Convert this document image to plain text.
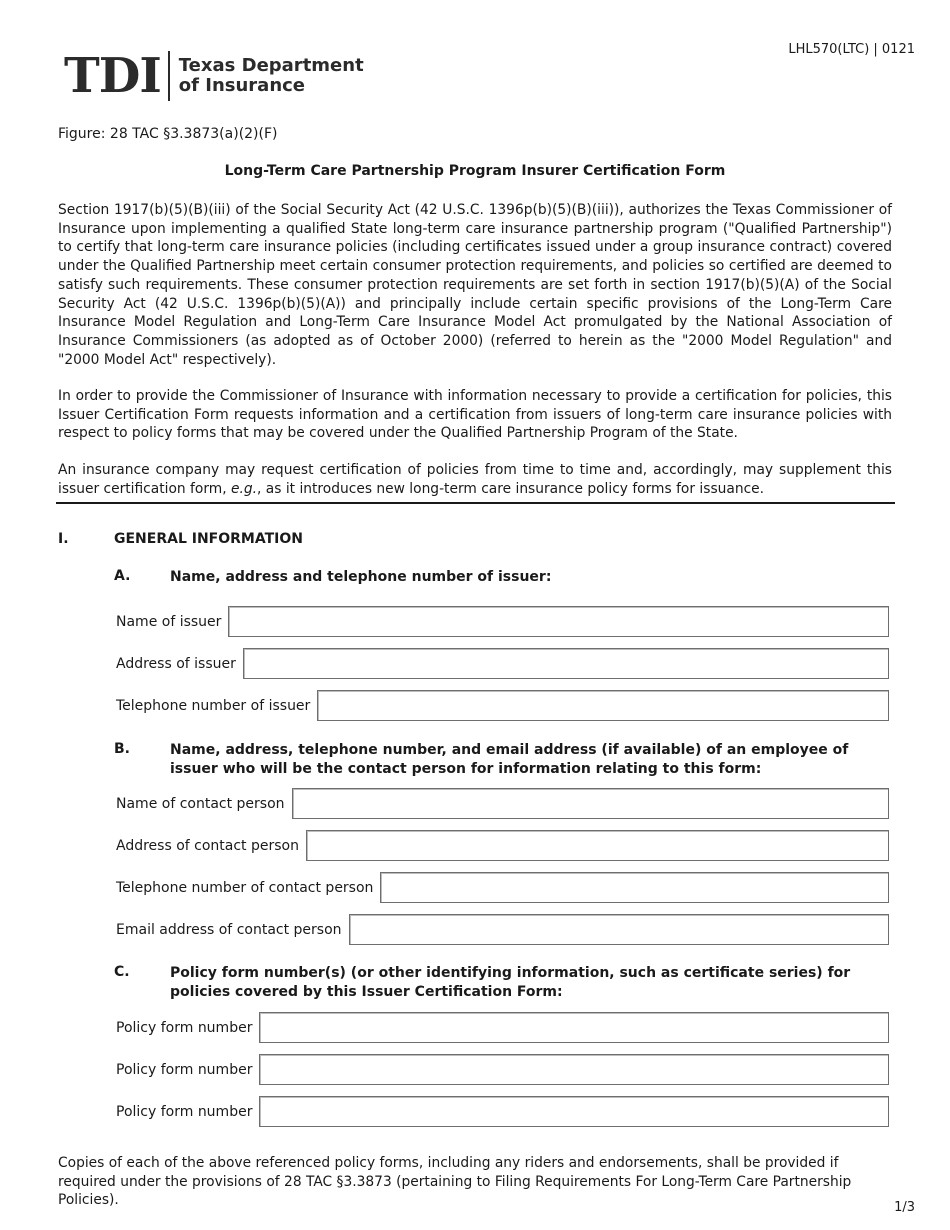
LHL570(LTC) | 0121
TDI Texas Department
of Insurance
Figure: 28 TAC §3.3873(a)(2)(F)
Long-Term Care Partnership Program Insurer Certification Form

Section 1917(b)(5)(B)(iii) of the Social Security Act (42 U.S.C. 1396p(b)(5)(B)(iii)), authorizes the Texas Commissioner of Insurance upon implementing a qualified State long-term care insurance partnership program ("Qualified Partnership") to certify that long-term care insurance policies (including certificates issued under a group insurance contract) covered under the Qualified Partnership meet certain consumer protection requirements, and policies so certified are deemed to satisfy such requirements. These consumer protection requirements are set forth in section 1917(b)(5)(A) of the Social Security Act (42 U.S.C. 1396p(b)(5)(A)) and principally include certain specific provisions of the Long-Term Care Insurance Model Regulation and Long-Term Care Insurance Model Act promulgated by the National Association of Insurance Commissioners (as adopted as of October 2000) (referred to herein as the "2000 Model Regulation" and "2000 Model Act" respectively).

In order to provide the Commissioner of Insurance with information necessary to provide a certification for policies, this Issuer Certification Form requests information and a certification from issuers of long-term care insurance policies with respect to policy forms that may be covered under the Qualified Partnership Program of the State.

An insurance company may request certification of policies from time to time and, accordingly, may supplement this issuer certification form, e.g., as it introduces new long-term care insurance policy forms for issuance.

I.	GENERAL INFORMATION
A.	Name, address and telephone number of issuer:
Name of issuer
Address of issuer
Telephone number of issuer
B.	Name, address, telephone number, and email address (if available) of an employee of issuer who will be the contact person for information relating to this form:
Name of contact person
Address of contact person
Telephone number of contact person
Email address of contact person
C.	Policy form number(s) (or other identifying information, such as certificate series) for policies covered by this Issuer Certification Form:
Policy form number
Policy form number
Policy form number
Copies of each of the above referenced policy forms, including any riders and endorsements, shall be provided if required under the provisions of 28 TAC §3.3873 (pertaining to Filing Requirements For Long-Term Care Partnership Policies).	1/3
